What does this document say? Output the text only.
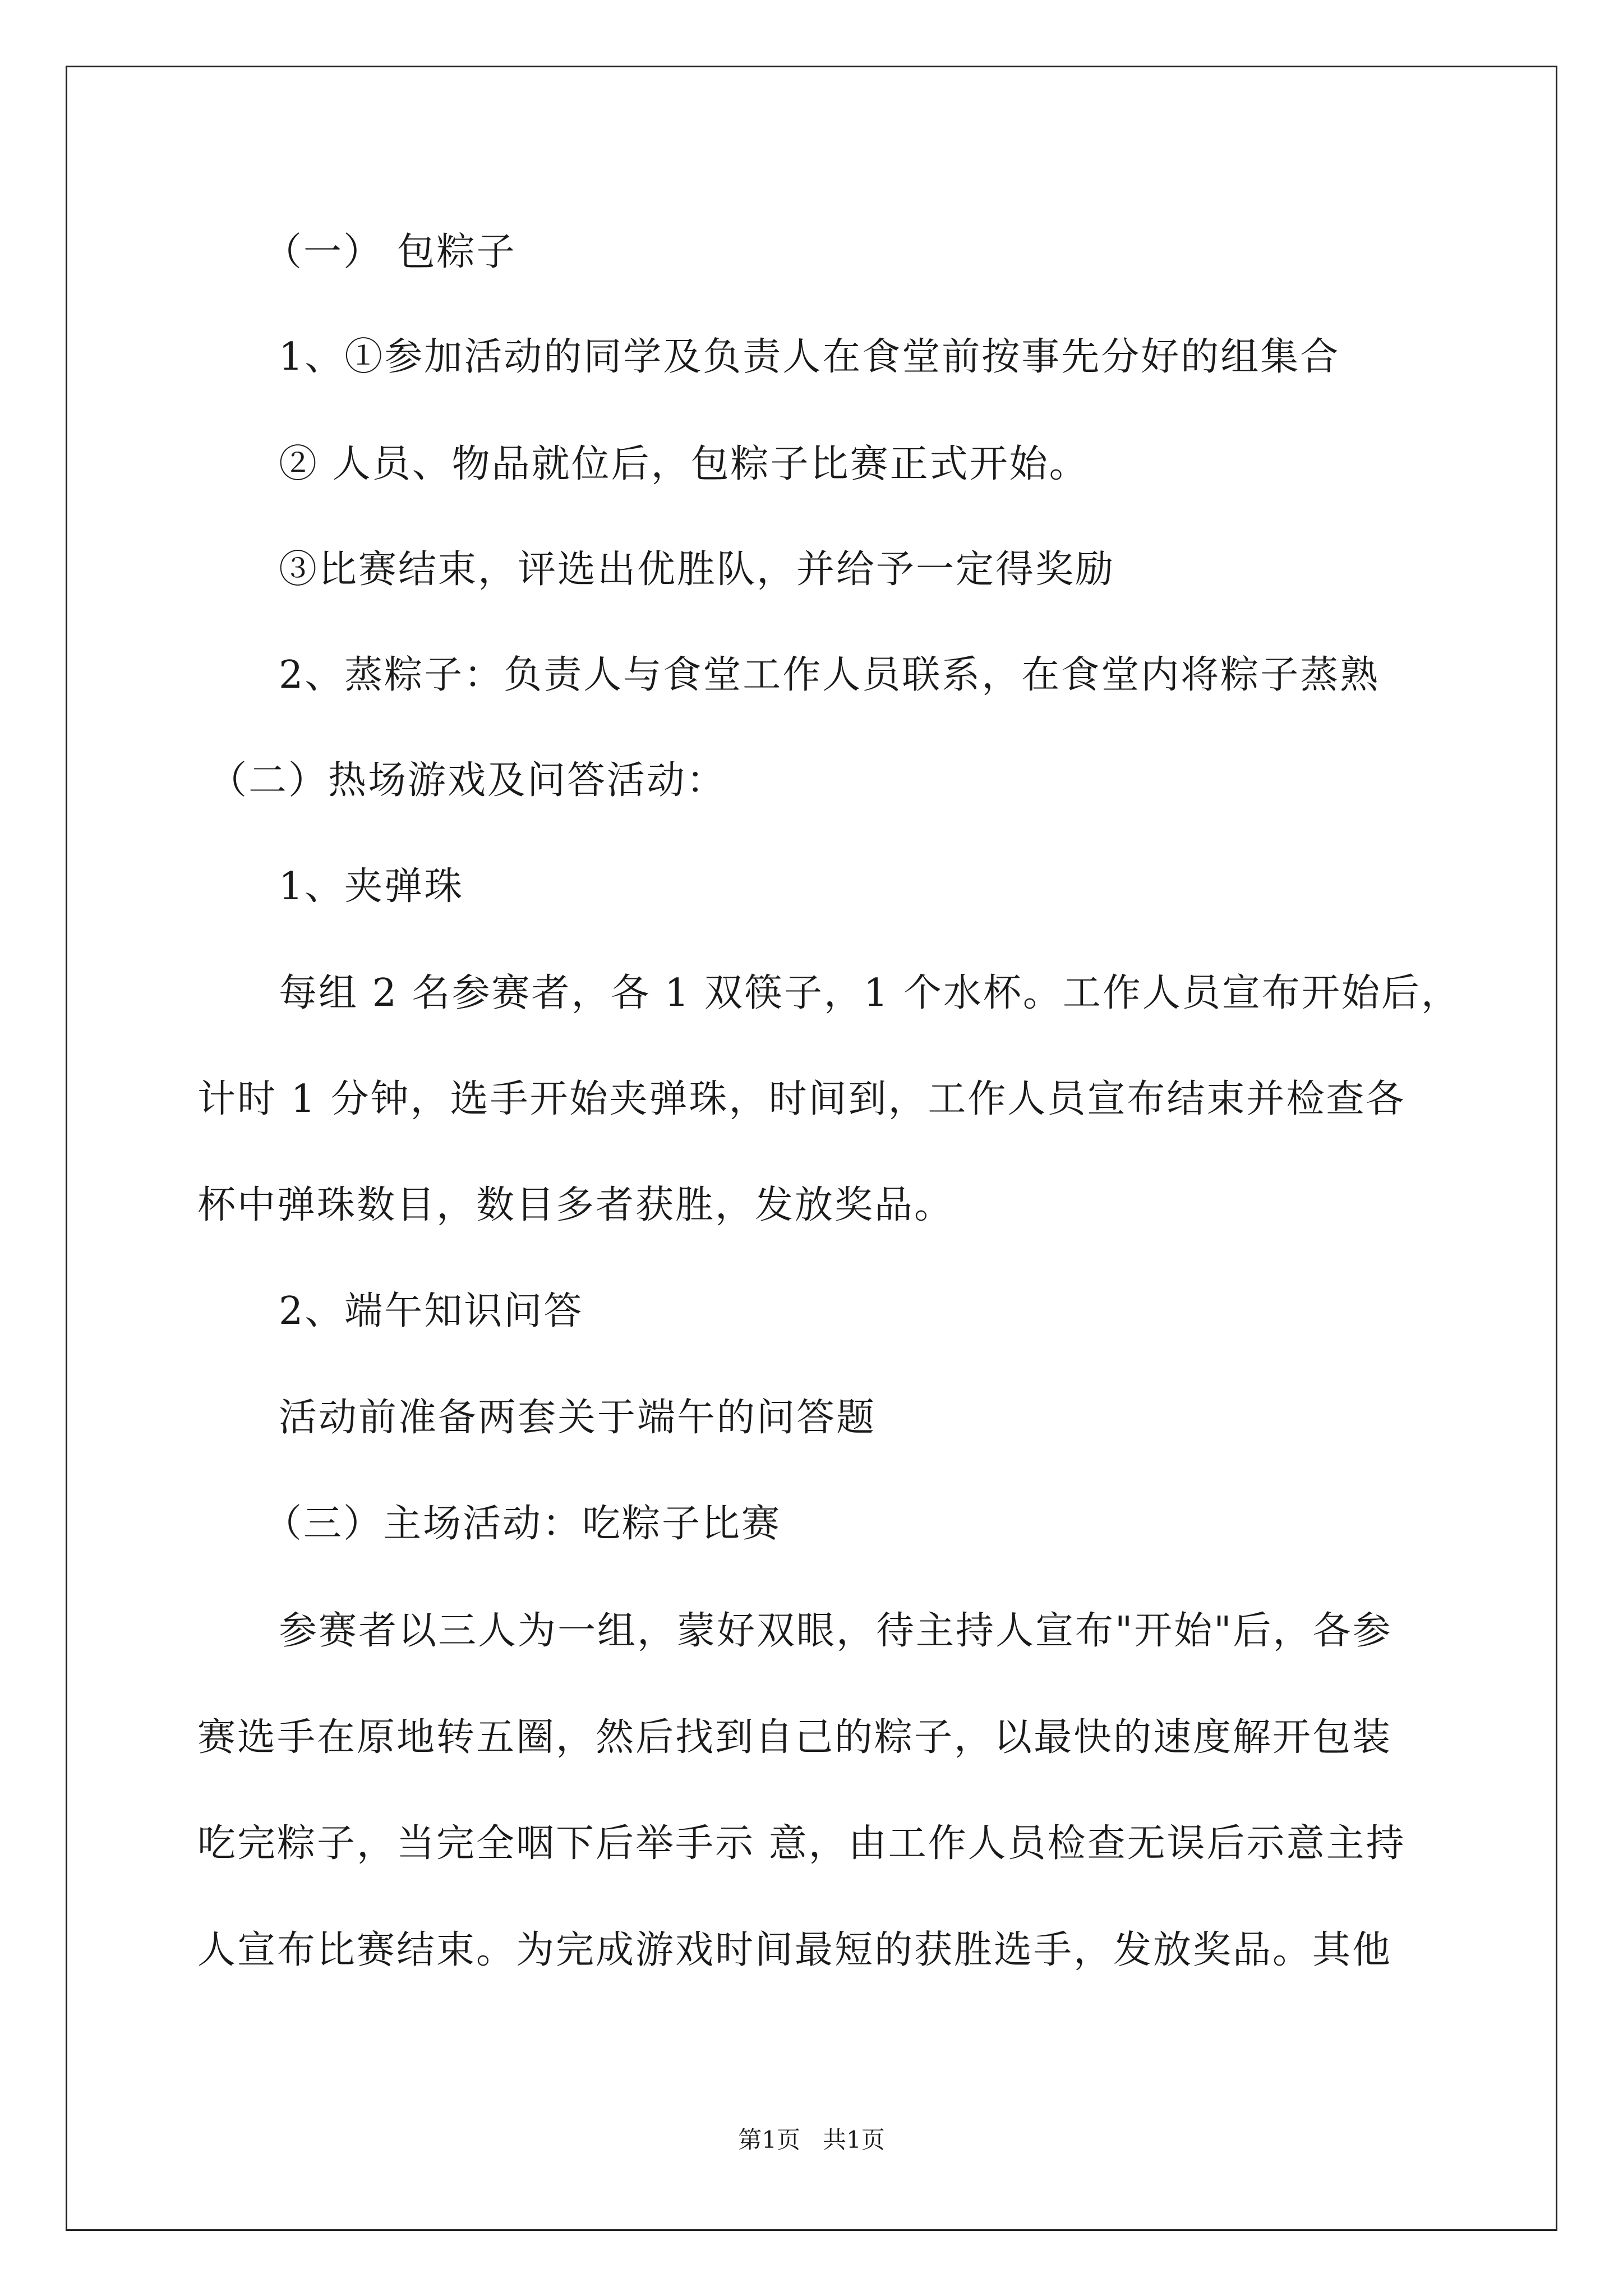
（一） 包粽子
1、①参加活动的同学及负责人在食堂前按事先分好的组集合
② 人员、物品就位后，包粽子比赛正式开始。
③比赛结束，评选出优胜队，并给予一定得奖励
2、蒸粽子：负责人与食堂工作人员联系，在食堂内将粽子蒸熟
（二）热场游戏及问答活动：
1、夹弹珠
每组 2 名参赛者，各 1 双筷子，1 个水杯。工作人员宣布开始后，
计时 1 分钟，选手开始夹弹珠，时间到，工作人员宣布结束并检查各
杯中弹珠数目，数目多者获胜，发放奖品。
2、端午知识问答
活动前准备两套关于端午的问答题
（三）主场活动：吃粽子比赛
参赛者以三人为一组，蒙好双眼，待主持人宣布"开始"后，各参
赛选手在原地转五圈，然后找到自己的粽子，以最快的速度解开包装
吃完粽子，当完全咽下后举手示 意，由工作人员检查无误后示意主持
人宣布比赛结束。为完成游戏时间最短的获胜选手，发放奖品。其他
第1页 共1页
